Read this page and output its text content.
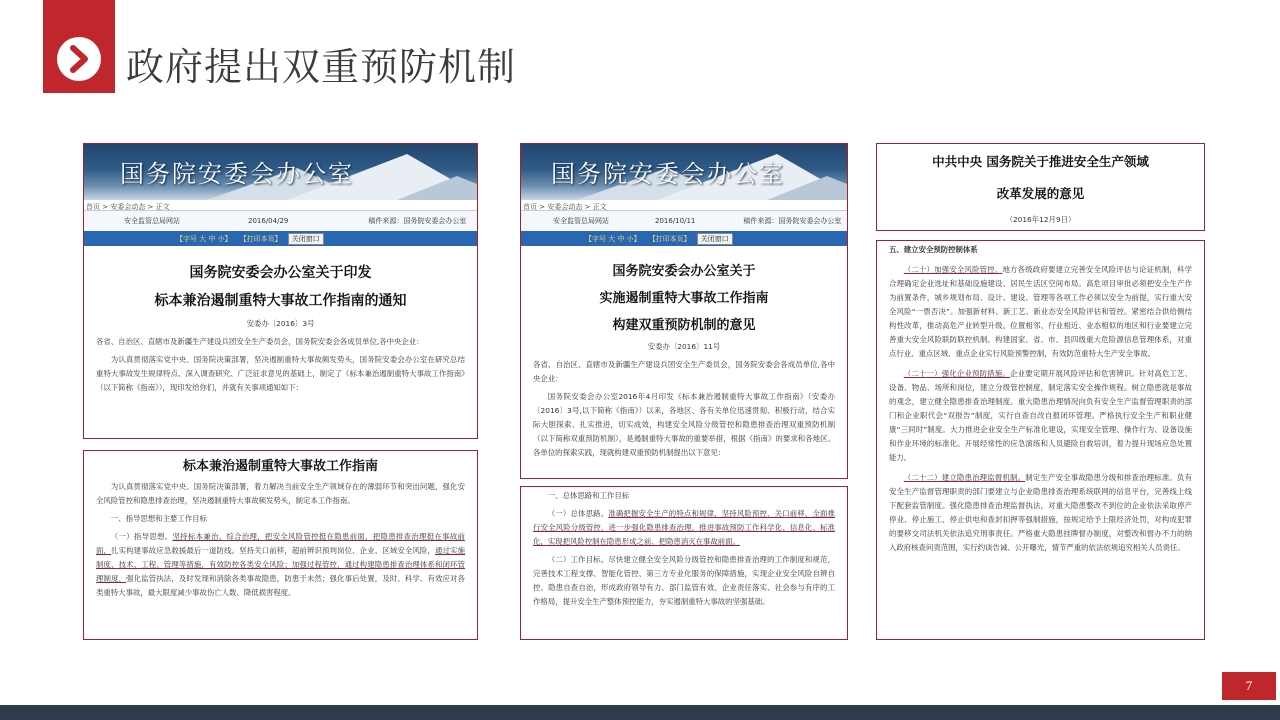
政府提出双重预防机制
国务院安委会办公室
首页 > 安委会动态 > 正文
安全监管总局网站	2016/04/29	稿件来源：国务院安委会办公室
【字号 大 中 小】 【打印本页】	关闭窗口
国务院安委会办公室关于印发
标本兼治遏制重特大事故工作指南的通知
安委办〔2016〕3号
各省、自治区、直辖市及新疆生产建设兵团安全生产委员会，国务院安委会各成员单位,各中央企业：
为认真贯彻落实党中央、国务院决策部署，坚决遏制重特大事故频发势头，国务院安委会办公室在研究总结重特大事故发生规律特点、深入调查研究、广泛征求意见的基础上，制定了《标本兼治遏制重特大事故工作指南》（以下简称《指南》），现印发给你们，并就有关事项通知如下：
标本兼治遏制重特大事故工作指南
为认真贯彻落实党中央、国务院决策部署，着力解决当前安全生产领域存在的薄弱环节和突出问题，强化安全风险管控和隐患排查治理，坚决遏制重特大事故频发势头，制定本工作指南。
一、指导思想和主要工作目标
（一）指导思想。坚持标本兼治、综合治理，把安全风险管控挺在隐患前面，把隐患排查治理挺在事故前面，扎实构建事故应急救援最后一道防线。坚持关口前移，超前辨识预判岗位、企业、区域安全风险，通过实施制度、技术、工程、管理等措施，有效防控各类安全风险；加强过程管控，通过构建隐患排查治理体系和闭环管理制度，强化监管执法，及时发现和消除各类事故隐患，防患于未然；强化事后处置，及时、科学、有效应对各类重特大事故，最大限度减少事故伤亡人数、降低损害程度。
国务院安委会办公室
首页 > 安委会动态 > 正文
安全监管总局网站	2016/10/11	稿件来源：国务院安委会办公室
【字号 大 中 小】 【打印本页】	关闭窗口
国务院安委会办公室关于
实施遏制重特大事故工作指南
构建双重预防机制的意见
安委办〔2016〕11号
各省、自治区、直辖市及新疆生产建设兵团安全生产委员会，国务院安委会各成员单位,各中央企业：
国务院安委会办公室2016年4月印发《标本兼治遏制重特大事故工作指南》（安委办〔2016〕3号,以下简称《指南》）以来，各地区、各有关单位迅速贯彻、积极行动，结合实际大胆探索、扎实推进，切实成效，构建安全风险分级管控和隐患排查治理双重预防机制（以下简称双重预防机制），是遏制重特大事故的重要举措，根据《指南》的要求和各地区、各单位的探索实践，现就构建双重预防机制提出以下意见：
一、总体思路和工作目标
（一）总体思路。准确把握安全生产的特点和规律，坚持风险预控、关口前移，全面推行安全风险分级管控，进一步强化隐患排查治理，推进事故预防工作科学化、信息化、标准化，实现把风险控制在隐患形成之前、把隐患消灭在事故前面。
（二）工作目标。尽快建立健全安全风险分级管控和隐患排查治理的工作制度和规范，完善技术工程支撑、智能化管控、第三方专业化服务的保障措施，实现企业安全风险自辨自控、隐患自查自治，形成政府领导有力、部门监管有效、企业责任落实、社会参与有序的工作格局，提升安全生产整体预控能力，夯实遏制重特大事故的坚强基础。
中共中央 国务院关于推进安全生产领域
改革发展的意见
（2016年12月9日）
五、建立安全预防控制体系
（二十）加强安全风险管控。地方各级政府要建立完善安全风险评估与论证机制，科学合理确定企业选址和基础设施建设、居民生活区空间布局。高危项目审批必须把安全生产作为前置条件，城乡规划布局、设计、建设、管理等各项工作必须以安全为前提，实行重大安全风险“一票否决”。加强新材料、新工艺、新业态安全风险评估和管控。紧密结合供给侧结构性改革，推动高危产业转型升级。位置相邻、行业相近、业态相似的地区和行业要建立完善重大安全风险联防联控机制。构建国家、省、市、县四级重大危险源信息管理体系，对重点行业、重点区域、重点企业实行风险预警控制，有效防范重特大生产安全事故。
（二十一）强化企业预防措施。企业要定期开展风险评估和危害辨识。针对高危工艺、设备、物品、场所和岗位，建立分级管控制度，制定落实安全操作规程。树立隐患就是事故的观念，建立健全隐患排查治理制度、重大隐患治理情况向负有安全生产监督管理职责的部门和企业职代会“双报告”制度，实行自查自改自报闭环管理。严格执行安全生产和职业健康“三同时”制度。大力推进企业安全生产标准化建设，实现安全管理、操作行为、设备设施和作业环境的标准化。开展经常性的应急演练和人员避险自救培训，着力提升现场应急处置能力。
（二十二）建立隐患治理监督机制。制定生产安全事故隐患分级和排查治理标准。负有安全生产监督管理职责的部门要建立与企业隐患排查治理系统联网的信息平台，完善线上线下配套监管制度。强化隐患排查治理监督执法，对重大隐患整改不到位的企业依法采取停产停业、停止施工、停止供电和查封扣押等强制措施，按规定给予上限经济处罚，对构成犯罪的要移交司法机关依法追究刑事责任。严格重大隐患挂牌督办制度，对整改和督办不力的纳入政府核查问责范围，实行约谈告诫、公开曝光，情节严重的依法依规追究相关人员责任。
7
